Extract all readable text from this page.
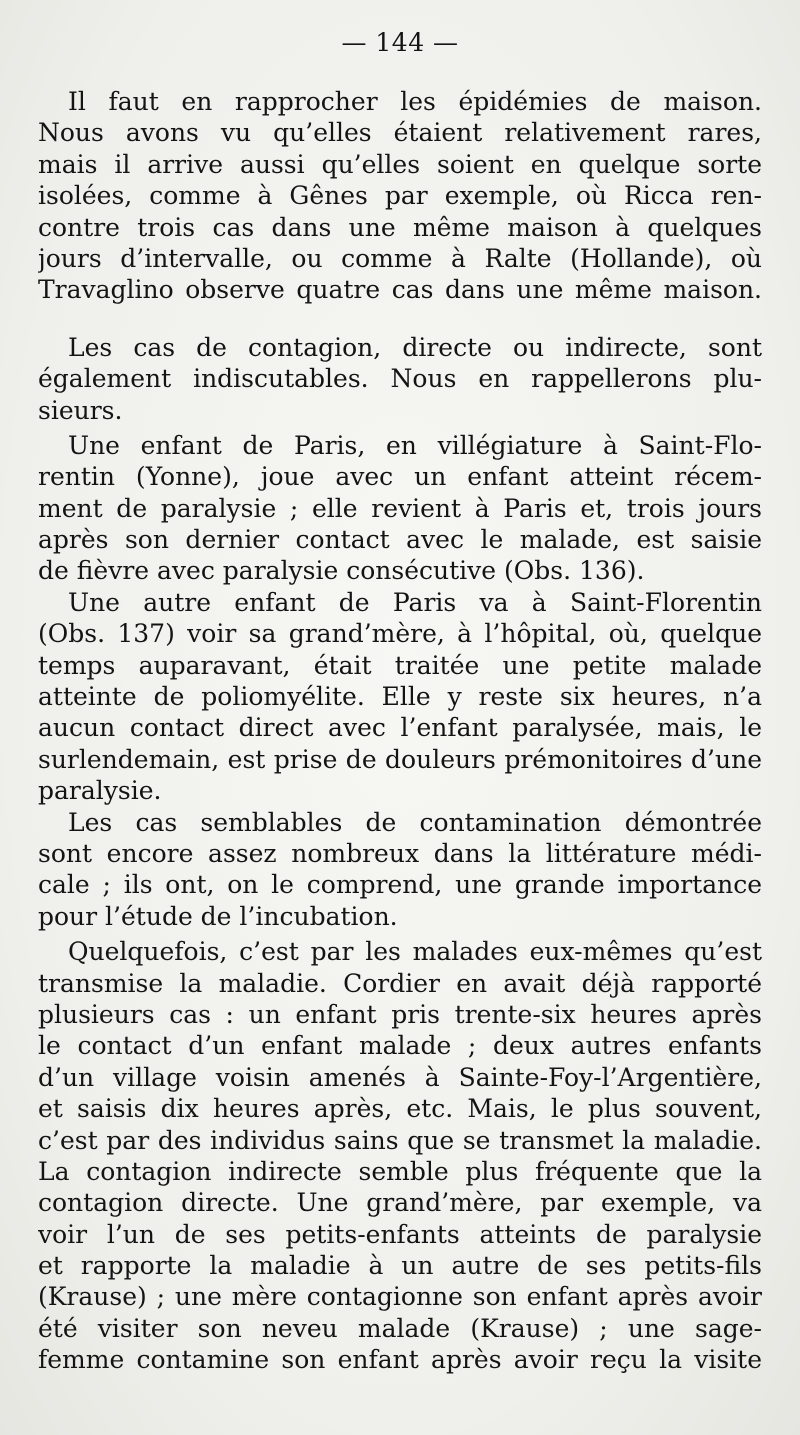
— 144 —
Il faut en rapprocher les épidémies de maison.
Nous avons vu qu’elles étaient relativement rares,
mais il arrive aussi qu’elles soient en quelque sorte
isolées, comme à Gênes par exemple, où Ricca ren-
contre trois cas dans une même maison à quelques
jours d’intervalle, ou comme à Ralte (Hollande), où
Travaglino observe quatre cas dans une même maison.
Les cas de contagion, directe ou indirecte, sont
également indiscutables. Nous en rappellerons plu-
sieurs.
Une enfant de Paris, en villégiature à Saint-Flo-
rentin (Yonne), joue avec un enfant atteint récem-
ment de paralysie ; elle revient à Paris et, trois jours
après son dernier contact avec le malade, est saisie
de fièvre avec paralysie consécutive (Obs. 136).
Une autre enfant de Paris va à Saint-Florentin
(Obs. 137) voir sa grand’mère, à l’hôpital, où, quelque
temps auparavant, était traitée une petite malade
atteinte de poliomyélite. Elle y reste six heures, n’a
aucun contact direct avec l’enfant paralysée, mais, le
surlendemain, est prise de douleurs prémonitoires d’une
paralysie.
Les cas semblables de contamination démontrée
sont encore assez nombreux dans la littérature médi-
cale ; ils ont, on le comprend, une grande importance
pour l’étude de l’incubation.
Quelquefois, c’est par les malades eux-mêmes qu’est
transmise la maladie. Cordier en avait déjà rapporté
plusieurs cas : un enfant pris trente-six heures après
le contact d’un enfant malade ; deux autres enfants
d’un village voisin amenés à Sainte-Foy-l’Argentière,
et saisis dix heures après, etc. Mais, le plus souvent,
c’est par des individus sains que se transmet la maladie.
La contagion indirecte semble plus fréquente que la
contagion directe. Une grand’mère, par exemple, va
voir l’un de ses petits-enfants atteints de paralysie
et rapporte la maladie à un autre de ses petits-fils
(Krause) ; une mère contagionne son enfant après avoir
été visiter son neveu malade (Krause) ; une sage-
femme contamine son enfant après avoir reçu la visite
